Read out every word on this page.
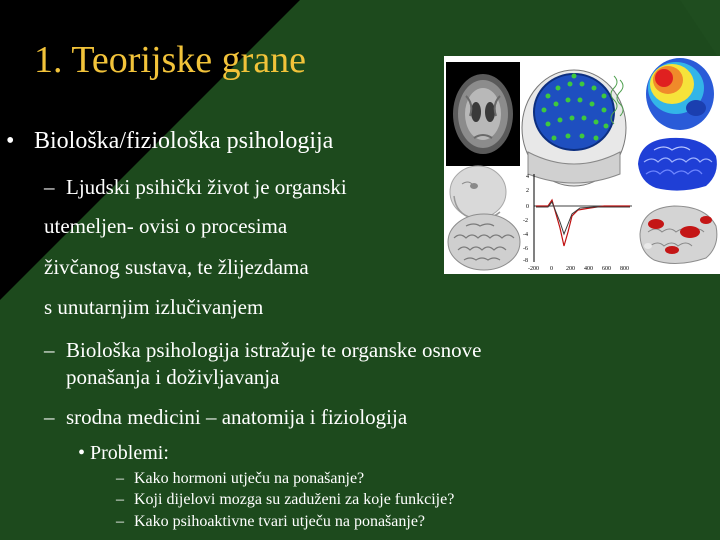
1. Teorijske grane
• Biološka/fiziološka psihologija
– Ljudski psihički život je organski
utemeljen- ovisi o procesima
živčanog sustava, te žlijezdama
s unutarnjim izlučivanjem
– Biološka psihologija istražuje te organske osnove
ponašanja i doživljavanja
– srodna medicini – anatomija i fiziologija
• Problemi:
– Kako hormoni utječu na ponašanje?
– Koji dijelovi mozga su zaduženi za koje funkcije?
– Kako psihoaktivne tvari utječu na ponašanje?
4
2
0
-2
-4
-6
-8
-200 0 200 400 600 800
